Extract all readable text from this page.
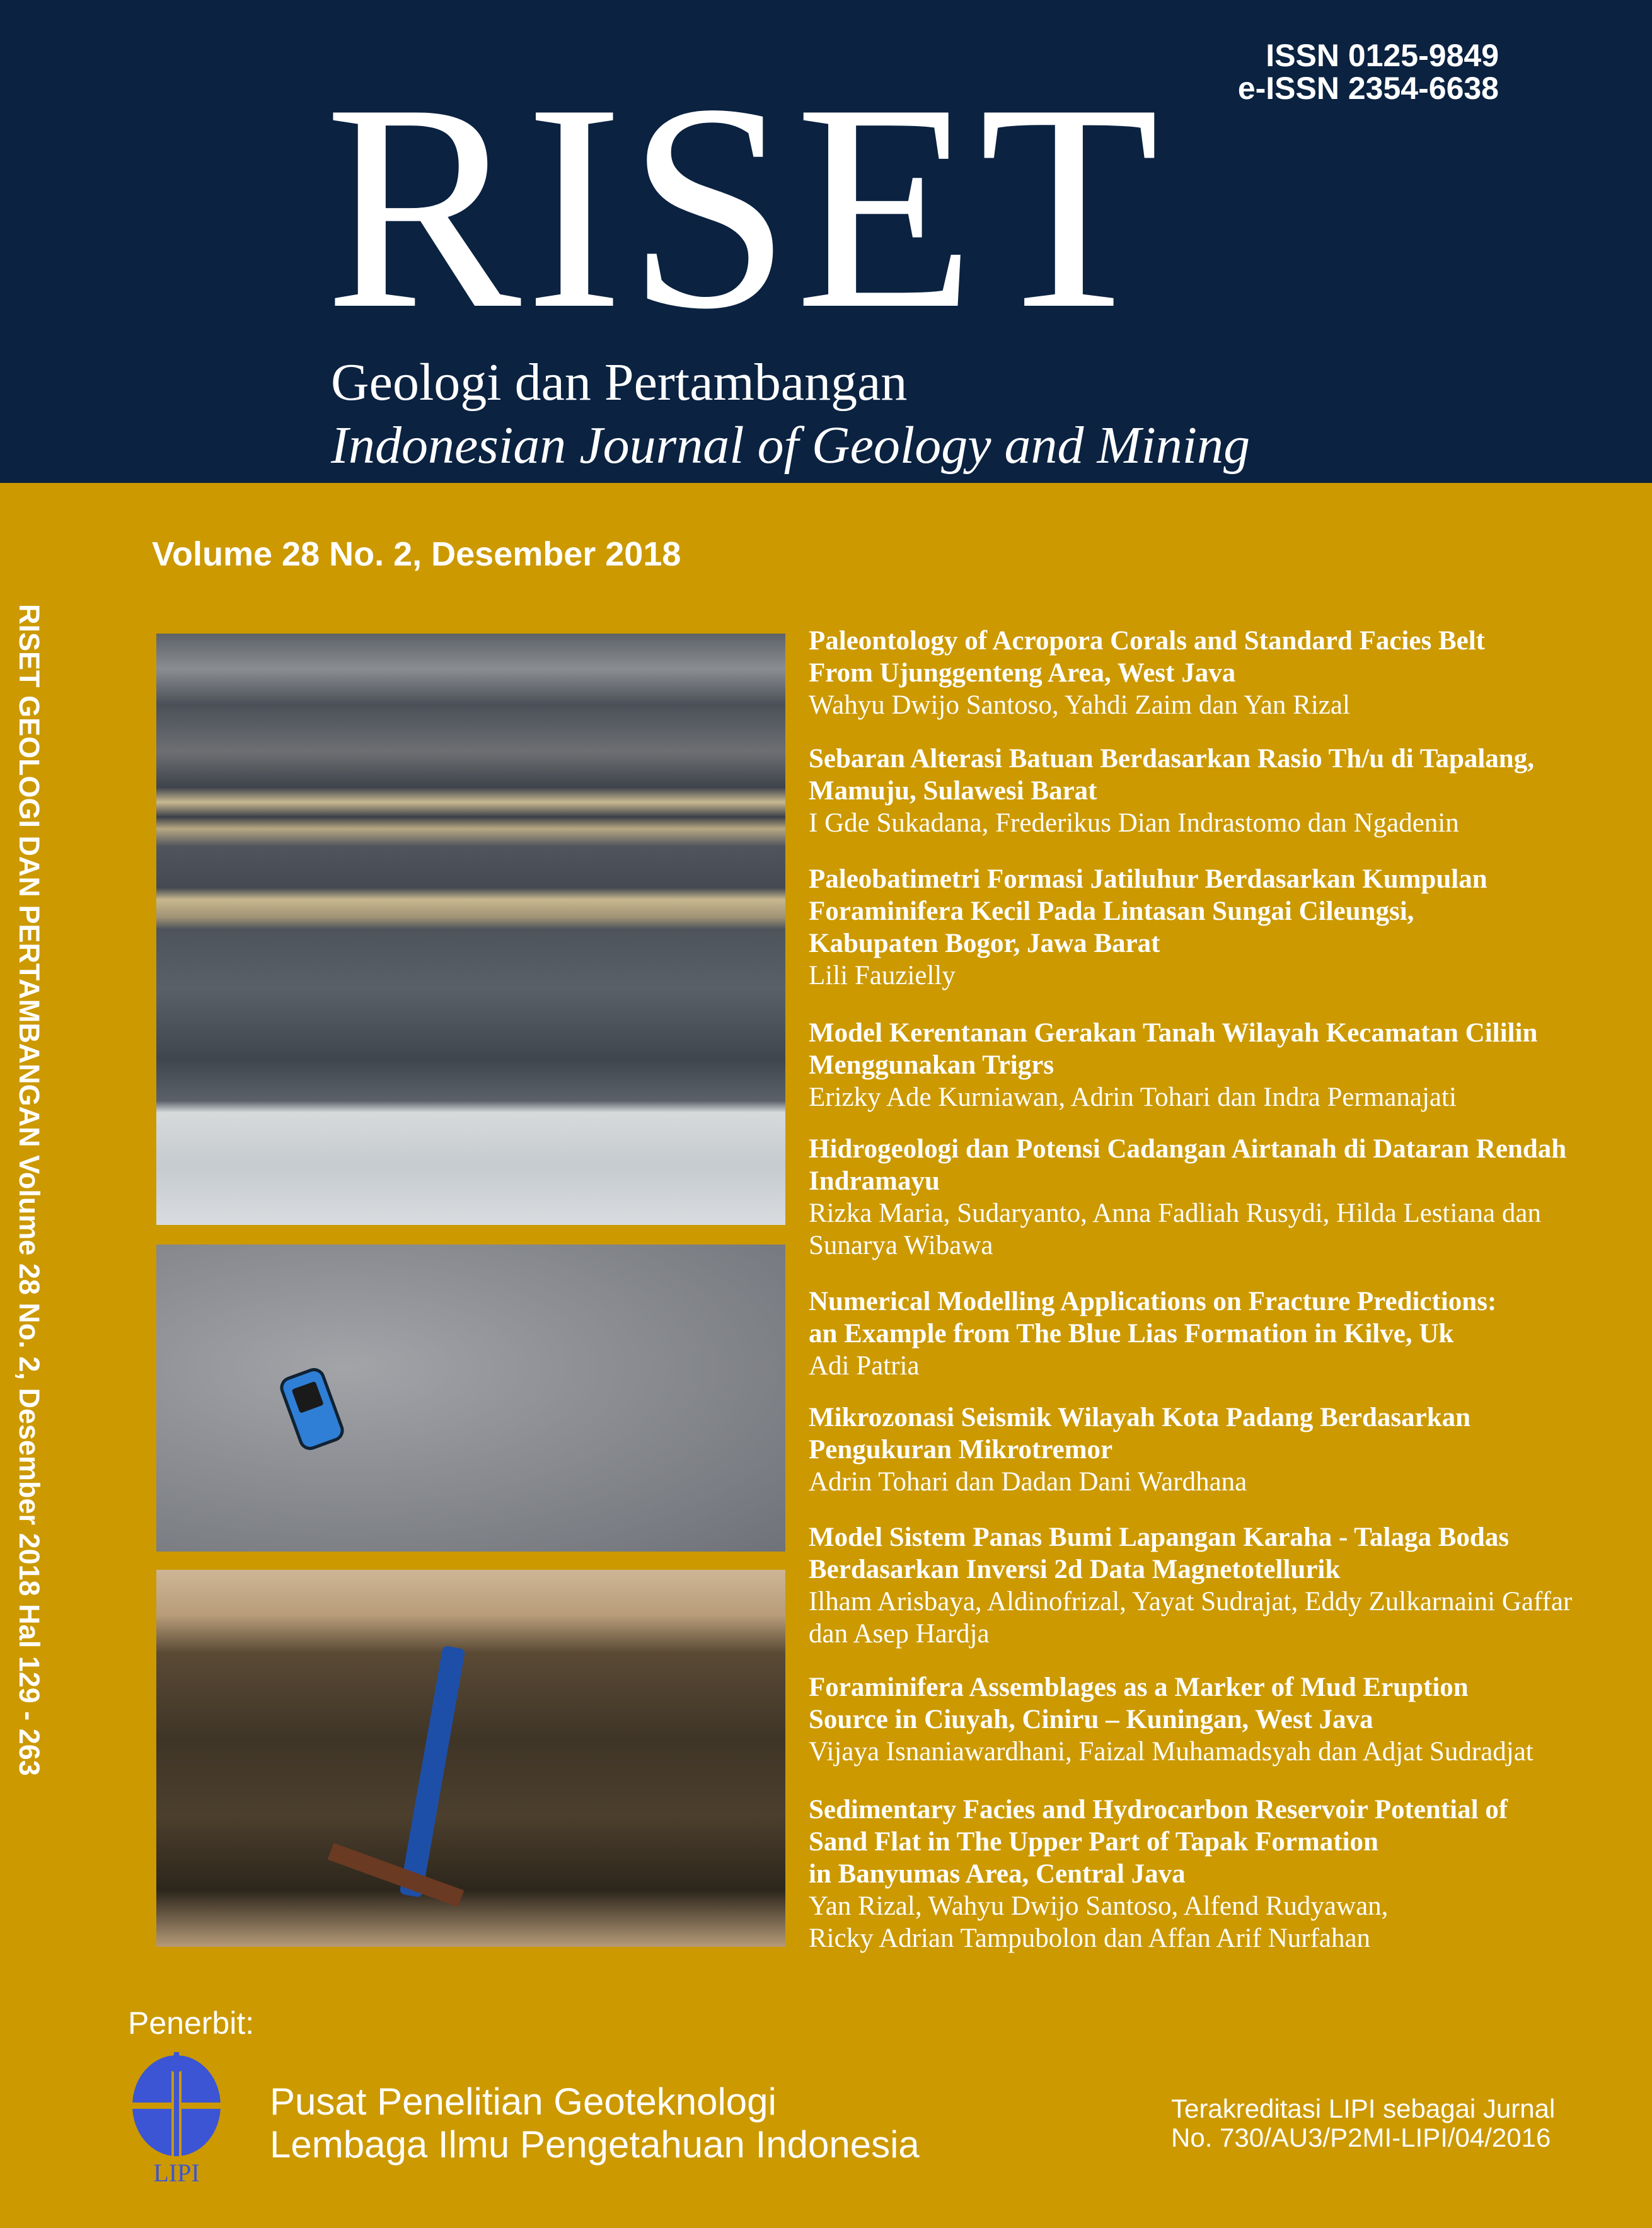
ISSN 0125-9849
e-ISSN 2354-6638
RISET
Geologi dan Pertambangan
Indonesian Journal of Geology and Mining
Volume 28 No. 2, Desember 2018
RISET GEOLOGI DAN PERTAMBANGAN Volume 28 No. 2, Desember 2018 Hal 129 - 263	Paleontology of Acropora Corals and Standard Facies Belt
From Ujunggenteng Area, West Java
Wahyu Dwijo Santoso, Yahdi Zaim dan Yan Rizal
Sebaran Alterasi Batuan Berdasarkan Rasio Th/u di Tapalang,
Mamuju, Sulawesi Barat
I Gde Sukadana, Frederikus Dian Indrastomo dan Ngadenin
Paleobatimetri Formasi Jatiluhur Berdasarkan Kumpulan
Foraminifera Kecil Pada Lintasan Sungai Cileungsi,
Kabupaten Bogor, Jawa Barat
Lili Fauzielly
Model Kerentanan Gerakan Tanah Wilayah Kecamatan Cililin
Menggunakan Trigrs
Erizky Ade Kurniawan, Adrin Tohari dan Indra Permanajati
Hidrogeologi dan Potensi Cadangan Airtanah di Dataran Rendah
Indramayu
Rizka Maria, Sudaryanto, Anna Fadliah Rusydi, Hilda Lestiana dan
Sunarya Wibawa
Numerical Modelling Applications on Fracture Predictions:
an Example from The Blue Lias Formation in Kilve, Uk
Adi Patria
Mikrozonasi Seismik Wilayah Kota Padang Berdasarkan
Pengukuran Mikrotremor
Adrin Tohari dan Dadan Dani Wardhana
Model Sistem Panas Bumi Lapangan Karaha - Talaga Bodas
Berdasarkan Inversi 2d Data Magnetotellurik
Ilham Arisbaya, Aldinofrizal, Yayat Sudrajat, Eddy Zulkarnaini Gaffar
dan Asep Hardja
Foraminifera Assemblages as a Marker of Mud Eruption
Source in Ciuyah, Ciniru – Kuningan, West Java
Vijaya Isnaniawardhani, Faizal Muhamadsyah dan Adjat Sudradjat
Sedimentary Facies and Hydrocarbon Reservoir Potential of
Sand Flat in The Upper Part of Tapak Formation
in Banyumas Area, Central Java
Yan Rizal, Wahyu Dwijo Santoso, Alfend Rudyawan,
Ricky Adrian Tampubolon dan Affan Arif Nurfahan
Penerbit:
LIPI
Pusat Penelitian Geoteknologi
Lembaga Ilmu Pengetahuan Indonesia
Terakreditasi LIPI sebagai Jurnal
No. 730/AU3/P2MI-LIPI/04/2016
